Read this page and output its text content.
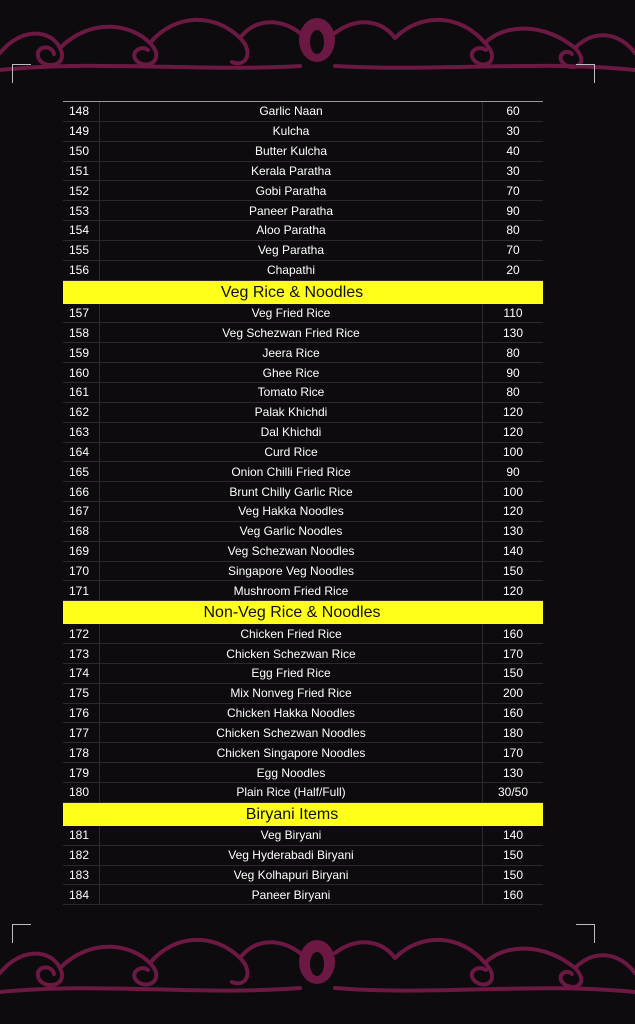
148	Garlic Naan	60
149	Kulcha	30
150	Butter Kulcha	40
151	Kerala Paratha	30
152	Gobi Paratha	70
153	Paneer Paratha	90
154	Aloo Paratha	80
155	Veg Paratha	70
156	Chapathi	20
Veg Rice & Noodles
157	Veg Fried Rice	110
158	Veg Schezwan Fried Rice	130
159	Jeera Rice	80
160	Ghee Rice	90
161	Tomato Rice	80
162	Palak Khichdi	120
163	Dal Khichdi	120
164	Curd Rice	100
165	Onion Chilli Fried Rice	90
166	Brunt Chilly Garlic Rice	100
167	Veg Hakka Noodles	120
168	Veg Garlic Noodles	130
169	Veg Schezwan Noodles	140
170	Singapore Veg Noodles	150
171	Mushroom Fried Rice	120
Non-Veg Rice & Noodles
172	Chicken Fried Rice	160
173	Chicken Schezwan Rice	170
174	Egg Fried Rice	150
175	Mix Nonveg Fried Rice	200
176	Chicken Hakka Noodles	160
177	Chicken Schezwan Noodles	180
178	Chicken Singapore Noodles	170
179	Egg Noodles	130
180	Plain Rice (Half/Full)	30/50
Biryani Items
181	Veg Biryani	140
182	Veg Hyderabadi Biryani	150
183	Veg Kolhapuri Biryani	150
184	Paneer Biryani	160
